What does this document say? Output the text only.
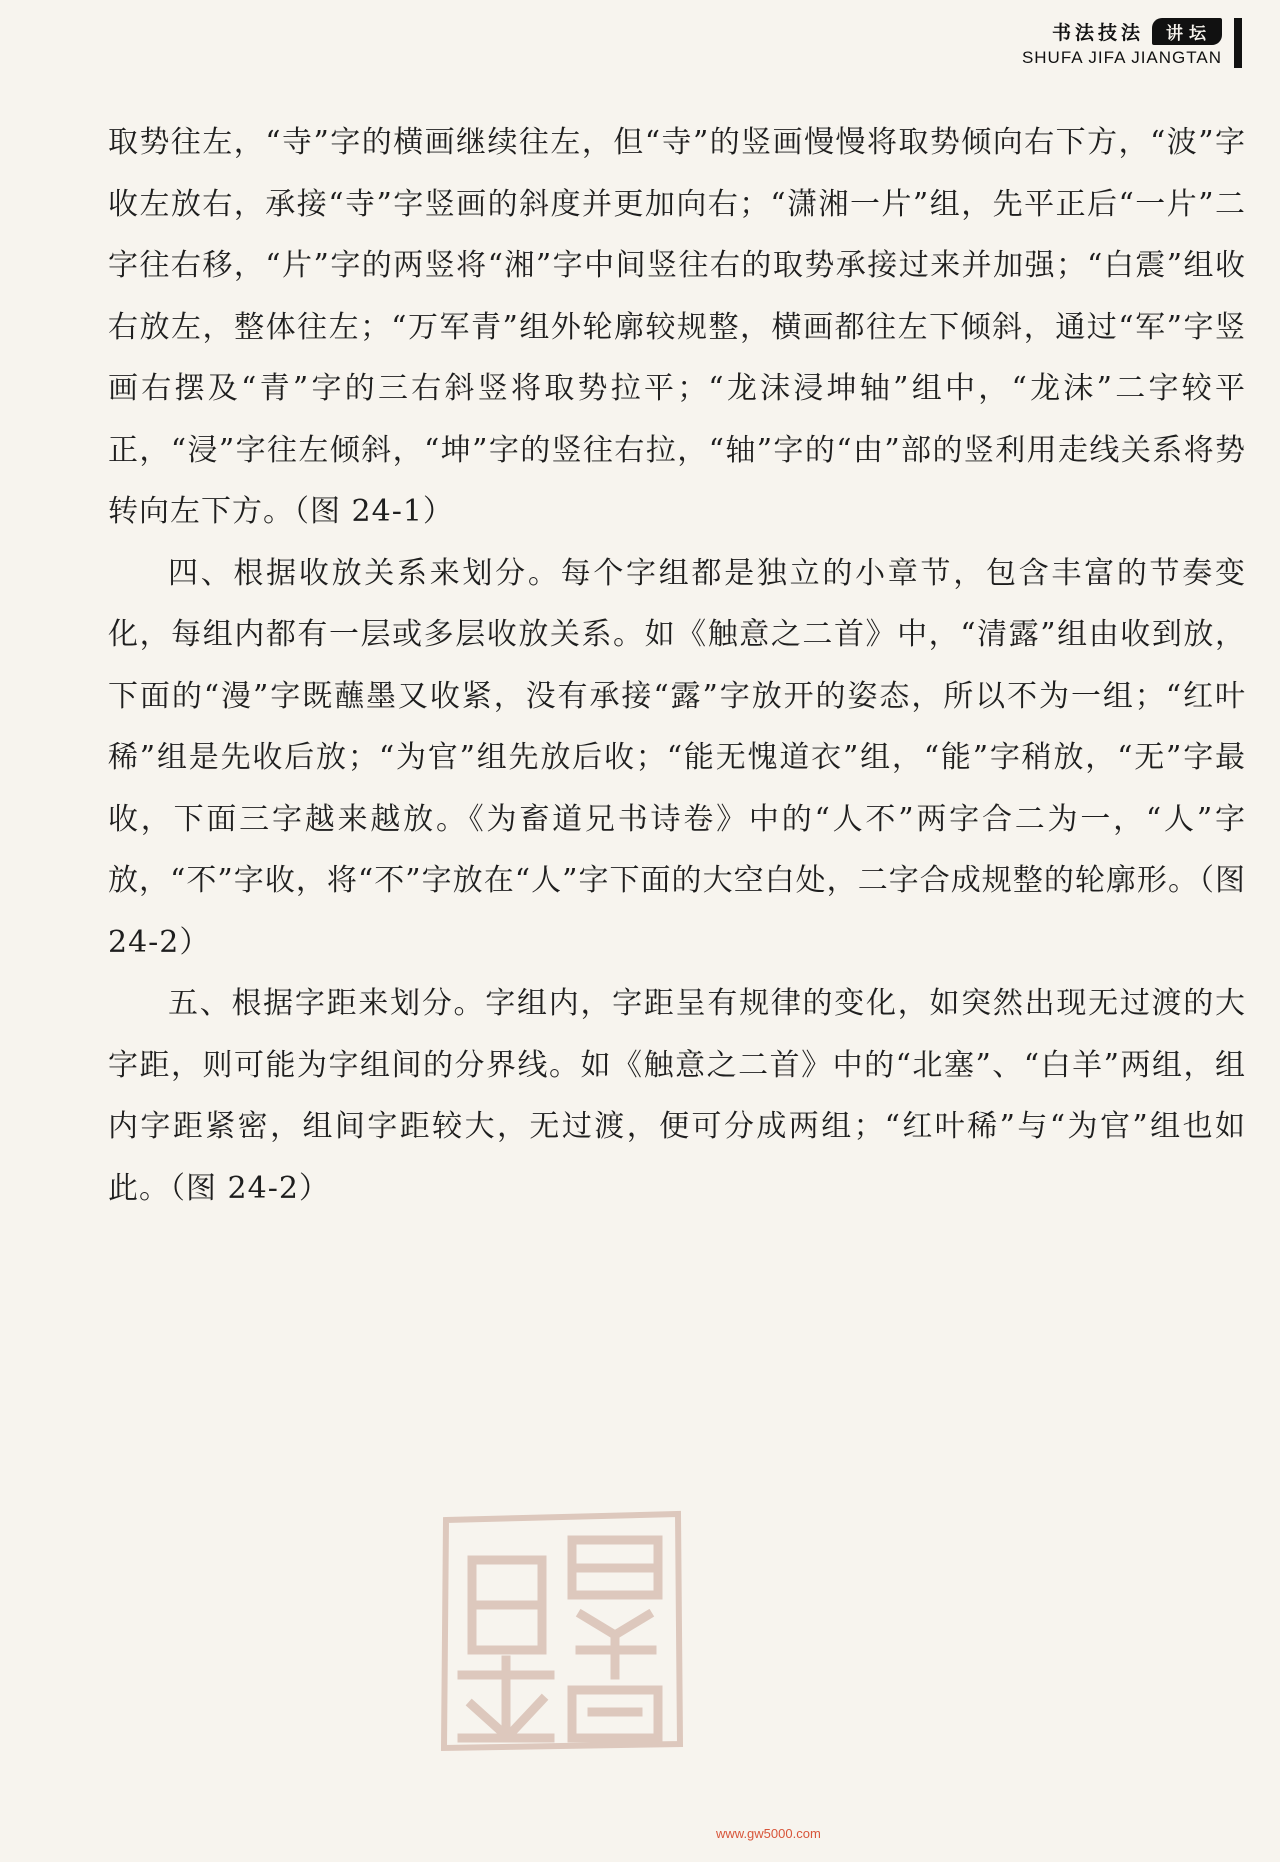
书法技法	讲坛
SHUFA JIFA JIANGTAN

取势往左，“寺”字的横画继续往左，但“寺”的竖画慢慢将取势倾向右下方，“波”字收左放右，承接“寺”字竖画的斜度并更加向右；“潇湘一片”组，先平正后“一片”二字往右移，“片”字的两竖将“湘”字中间竖往右的取势承接过来并加强；“白震”组收右放左，整体往左；“万军青”组外轮廓较规整，横画都往左下倾斜，通过“军”字竖画右摆及“青”字的三右斜竖将取势拉平；“龙沫浸坤轴”组中，“龙沫”二字较平正，“浸”字往左倾斜，“坤”字的竖往右拉，“轴”字的“由”部的竖利用走线关系将势转向左下方。（图 24-1）

四、根据收放关系来划分。每个字组都是独立的小章节，包含丰富的节奏变化，每组内都有一层或多层收放关系。如《触意之二首》中，“清露”组由收到放，下面的“漫”字既蘸墨又收紧，没有承接“露”字放开的姿态，所以不为一组；“红叶稀”组是先收后放；“为官”组先放后收；“能无愧道衣”组，“能”字稍放，“无”字最收，下面三字越来越放。《为畜道兄书诗卷》中的“人不”两字合二为一，“人”字放，“不”字收，将“不”字放在“人”字下面的大空白处，二字合成规整的轮廓形。（图 24-2）

五、根据字距来划分。字组内，字距呈有规律的变化，如突然出现无过渡的大字距，则可能为字组间的分界线。如《触意之二首》中的“北塞”、“白羊”两组，组内字距紧密，组间字距较大，无过渡，便可分成两组；“红叶稀”与“为官”组也如此。（图 24-2）

www.gw5000.com
